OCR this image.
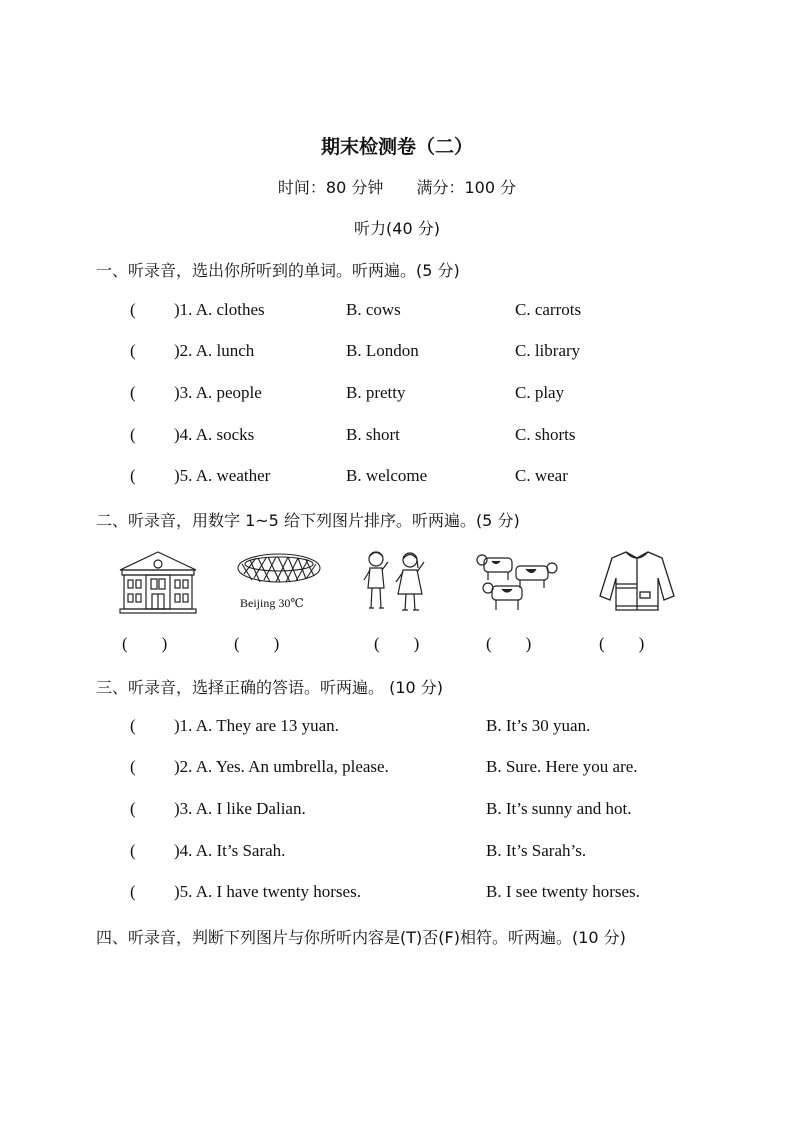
期末检测卷（二）
时间：80 分钟 满分：100 分
听力(40 分)
一、听录音，选出你所听到的单词。听两遍。(5 分)
( )1. A. clothes	B. cows	C. carrots
( )2. A. lunch	B. London	C. library
( )3. A. people	B. pretty	C. play
( )4. A. socks	B. short	C. shorts
( )5. A. weather	B. welcome	C. wear
二、听录音，用数字 1~5 给下列图片排序。听两遍。(5 分)
Beijing 30℃
(        )	(        )	(        )	(        )	(        )
三、听录音，选择正确的答语。听两遍。 (10 分)
( )1. A. They are 13 yuan.	B. It’s 30 yuan.
( )2. A. Yes. An umbrella, please.	B. Sure. Here you are.
( )3. A. I like Dalian.	B. It’s sunny and hot.
( )4. A. It’s Sarah.	B. It’s Sarah’s.
( )5. A. I have twenty horses.	B. I see twenty horses.
四、听录音，判断下列图片与你所听内容是(T)否(F)相符。听两遍。(10 分)
